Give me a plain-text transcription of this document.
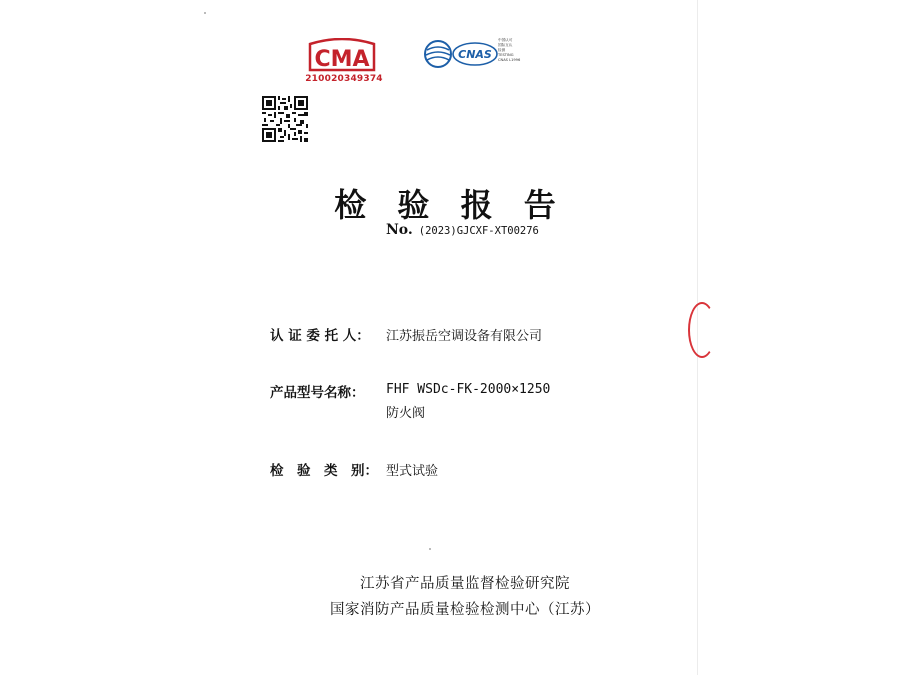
CMA
210020349374
CNAS
中国认可
国际互认
检测
TESTING
CNAS L1996
检 验 报 告
No. (2023)GJCXF-XT00276
认 证 委 托 人： 江苏振岳空调设备有限公司
产品型号名称： FHF WSDc-FK-2000×1250
防火阀
检　验　类　别： 型式试验
江苏省产品质量监督检验研究院
国家消防产品质量检验检测中心（江苏）
